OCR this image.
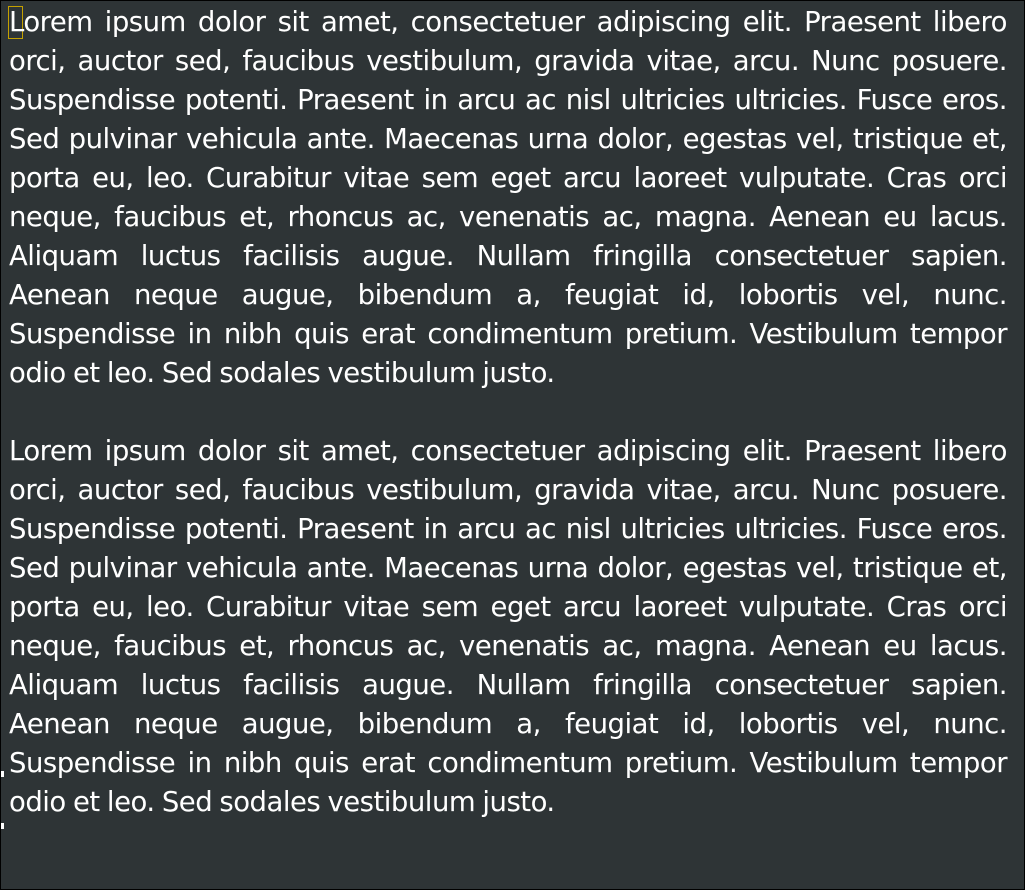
Lorem ipsum dolor sit amet, consectetuer adipiscing elit. Praesent libero orci, auctor sed, faucibus vestibulum, gravida vitae, arcu. Nunc posuere. Suspendisse potenti. Praesent in arcu ac nisl ultricies ultricies. Fusce eros. Sed pulvinar vehicula ante. Maecenas urna dolor, egestas vel, tristique et, porta eu, leo. Curabitur vitae sem eget arcu laoreet vulputate. Cras orci neque, faucibus et, rhoncus ac, venenatis ac, magna. Aenean eu lacus. Aliquam luctus facilisis augue. Nullam fringilla consectetuer sapien. Aenean neque augue, bibendum a, feugiat id, lobortis vel, nunc. Suspendisse in nibh quis erat condimentum pretium. Vestibulum tempor odio et leo. Sed sodales vestibulum justo.

Lorem ipsum dolor sit amet, consectetuer adipiscing elit. Praesent libero orci, auctor sed, faucibus vestibulum, gravida vitae, arcu. Nunc posuere. Suspendisse potenti. Praesent in arcu ac nisl ultricies ultricies. Fusce eros. Sed pulvinar vehicula ante. Maecenas urna dolor, egestas vel, tristique et, porta eu, leo. Curabitur vitae sem eget arcu laoreet vulputate. Cras orci neque, faucibus et, rhoncus ac, venenatis ac, magna. Aenean eu lacus. Aliquam luctus facilisis augue. Nullam fringilla consectetuer sapien. Aenean neque augue, bibendum a, feugiat id, lobortis vel, nunc. Suspendisse in nibh quis erat condimentum pretium. Vestibulum tempor odio et leo. Sed sodales vestibulum justo.
